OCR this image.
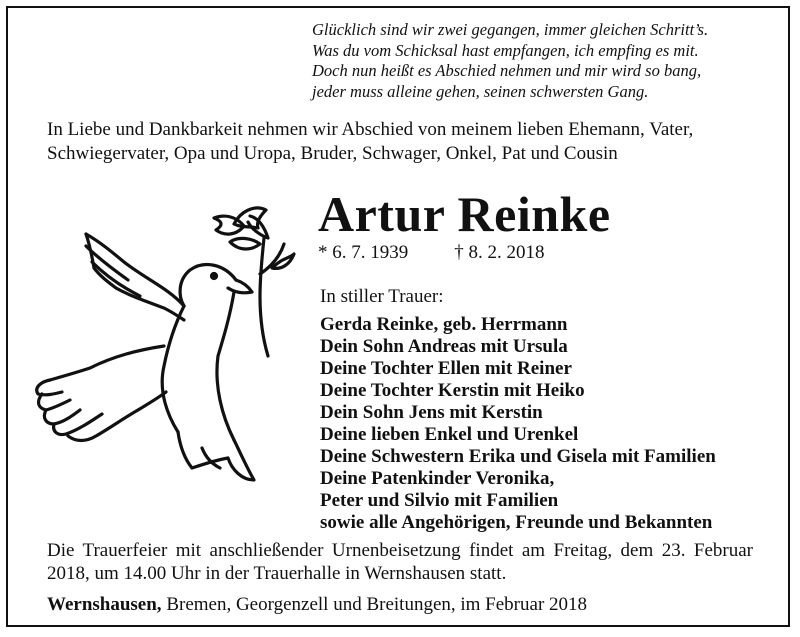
Glücklich sind wir zwei gegangen, immer gleichen Schritt’s.
Was du vom Schicksal hast empfangen, ich empfing es mit.
Doch nun heißt es Abschied nehmen und mir wird so bang,
jeder muss alleine gehen, seinen schwersten Gang.
In Liebe und Dankbarkeit nehmen wir Abschied von meinem lieben Ehemann, Vater,
Schwiegervater, Opa und Uropa, Bruder, Schwager, Onkel, Pat und Cousin
Artur Reinke
* 6. 7. 1939 † 8. 2. 2018
In stiller Trauer:
Gerda Reinke, geb. Herrmann
Dein Sohn Andreas mit Ursula
Deine Tochter Ellen mit Reiner
Deine Tochter Kerstin mit Heiko
Dein Sohn Jens mit Kerstin
Deine lieben Enkel und Urenkel
Deine Schwestern Erika und Gisela mit Familien
Deine Patenkinder Veronika,
Peter und Silvio mit Familien
sowie alle Angehörigen, Freunde und Bekannten
Die Trauerfeier mit anschließender Urnenbeisetzung findet am Freitag, dem 23. Februar 2018, um 14.00 Uhr in der Trauerhalle in Wernshausen statt.
Wernshausen, Bremen, Georgenzell und Breitungen, im Februar 2018
